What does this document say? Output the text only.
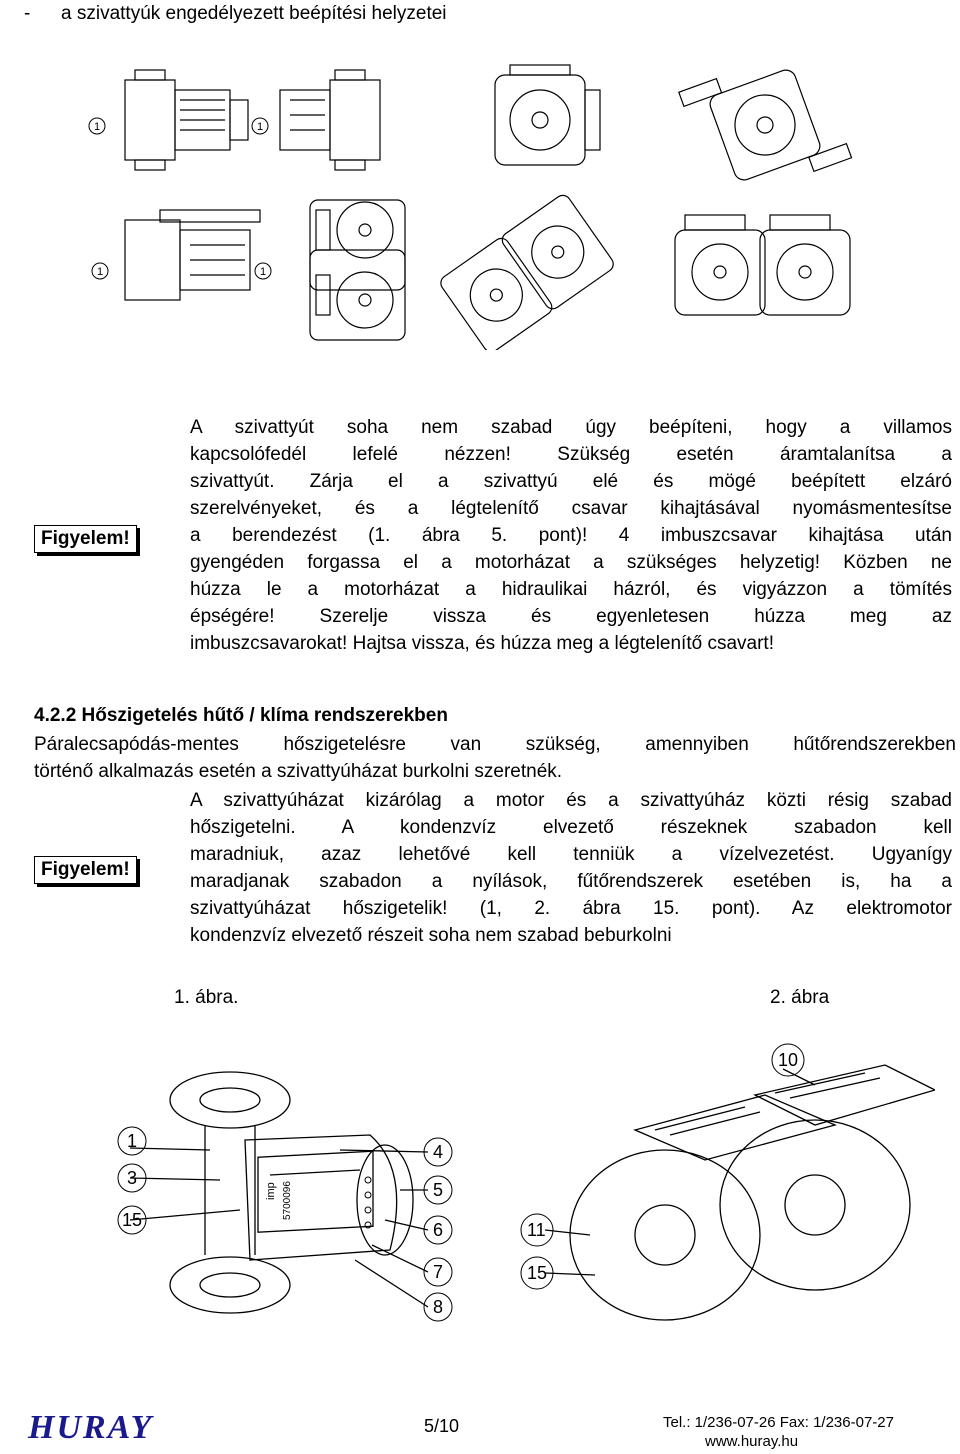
- a szivattyúk engedélyezett beépítési helyzetei
1	1
1	1
Figyelem!
A szivattyút soha nem szabad úgy beépíteni, hogy a villamos
kapcsolófedél lefelé nézzen! Szükség esetén áramtalanítsa a
szivattyút. Zárja el a szivattyú elé és mögé beépített elzáró
szerelvényeket, és a légtelenítő csavar kihajtásával nyomásmentesítse
a berendezést (1. ábra 5. pont)! 4 imbuszcsavar kihajtása után
gyengéden forgassa el a motorházat a szükséges helyzetig! Közben ne
húzza le a motorházat a hidraulikai házról, és vigyázzon a tömítés
épségére! Szerelje vissza és egyenletesen húzza meg az
imbuszcsavarokat! Hajtsa vissza, és húzza meg a légtelenítő csavart!
4.2.2 Hőszigetelés hűtő / klíma rendszerekben
Páralecsapódás-mentes hőszigetelésre van szükség, amennyiben hűtőrendszerekben
történő alkalmazás esetén a szivattyúházat burkolni szeretnék.
Figyelem!
A szivattyúházat kizárólag a motor és a szivattyúház közti résig szabad
hőszigetelni. A kondenzvíz elvezető részeknek szabadon kell
maradniuk, azaz lehetővé kell tenniük a vízelvezetést. Ugyanígy
maradjanak szabadon a nyílások, fűtőrendszerek esetében is, ha a
szivattyúházat hőszigetelik! (1, 2. ábra 15. pont). Az elektromotor
kondenzvíz elvezető részeit soha nem szabad beburkolni
1. ábra.	2. ábra
imp 5700096
1
3
15
4
5
6
7
8
10
11
15
HURAY	5/10	Tel.: 1/236-07-26 Fax: 1/236-07-27
www.huray.hu
